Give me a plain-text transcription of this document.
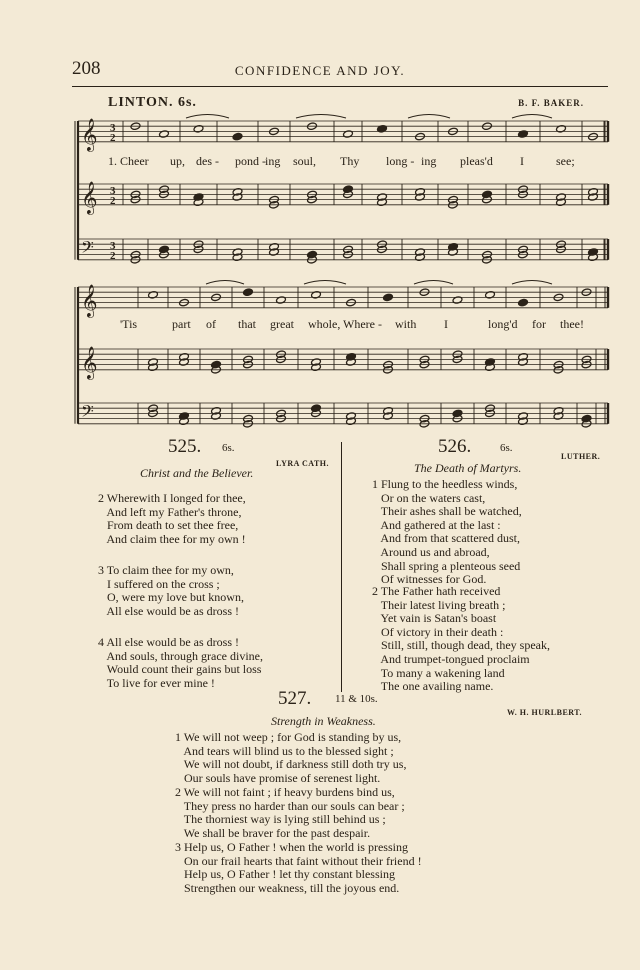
208	CONFIDENCE AND JOY.
LINTON. 6s.	B. F. BAKER.
𝄞
𝄞
𝄢
𝄞
𝄞
𝄢
3
2
3
2
3
2
1. Cheer up, des - pond - ing soul, Thy long - ing pleas'd I	see;
'Tis	part of that great whole, Where - with I	long'd for thee!
525. 6s.
LYRA CATH.
Christ and the Believer.
2 Wherewith I longed for thee,
And left my Father's throne,
From death to set thee free,
And claim thee for my own !
3 To claim thee for my own,
I suffered on the cross ;
O, were my love but known,
All else would be as dross !
4 All else would be as dross !
And souls, through grace divine,
Would count their gains but loss
To live for ever mine !
526.	6s.
LUTHER.
The Death of Martyrs.
1 Flung to the heedless winds,
Or on the waters cast,
Their ashes shall be watched,
And gathered at the last :
And from that scattered dust,
Around us and abroad,
Shall spring a plenteous seed
Of witnesses for God.
2 The Father hath received
Their latest living breath ;
Yet vain is Satan's boast
Of victory in their death :
Still, still, though dead, they speak,
And trumpet-tongued proclaim
To many a wakening land
The one availing name.
527. 11 & 10s.
W. H. HURLBERT.
Strength in Weakness.
1 We will not weep ; for God is standing by us,
And tears will blind us to the blessed sight ;
We will not doubt, if darkness still doth try us,
Our souls have promise of serenest light.
2 We will not faint ; if heavy burdens bind us,
They press no harder than our souls can bear ;
The thorniest way is lying still behind us ;
We shall be braver for the past despair.
3 Help us, O Father ! when the world is pressing
On our frail hearts that faint without their friend !
Help us, O Father ! let thy constant blessing
Strengthen our weakness, till the joyous end.
